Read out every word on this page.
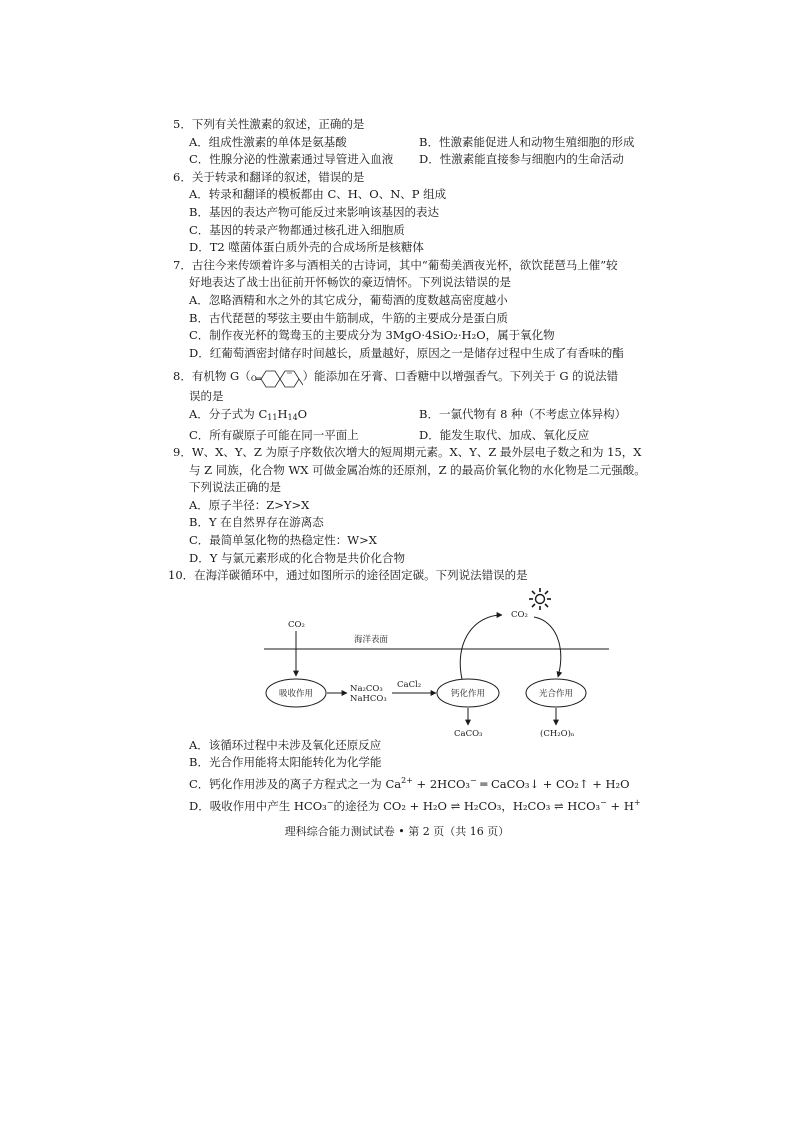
5．下列有关性激素的叙述，正确的是
A．组成性激素的单体是氨基酸	B．性激素能促进人和动物生殖细胞的形成
C．性腺分泌的性激素通过导管进入血液	D．性激素能直接参与细胞内的生命活动
6．关于转录和翻译的叙述，错误的是
A．转录和翻译的模板都由 C、H、O、N、P 组成
B．基因的表达产物可能反过来影响该基因的表达
C．基因的转录产物都通过核孔进入细胞质
D．T2 噬菌体蛋白质外壳的合成场所是核糖体
7．古往今来传颂着许多与酒相关的古诗词，其中“葡萄美酒夜光杯，欲饮琵琶马上催”较
好地表达了战士出征前开怀畅饮的豪迈情怀。下列说法错误的是
A．忽略酒精和水之外的其它成分，葡萄酒的度数越高密度越小
B．古代琵琶的琴弦主要由牛筋制成，牛筋的主要成分是蛋白质
C．制作夜光杯的鸳鸯玉的主要成分为 3MgO·4SiO₂·H₂O，属于氧化物
D．红葡萄酒密封储存时间越长，质量越好，原因之一是储存过程中生成了有香味的酯
8．有机物 G（ O	）能添加在牙膏、口香糖中以增强香气。下列关于 G 的说法错
误的是
A．分子式为 $C_{11}H_{14}O$	B．一氯代物有 8 种（不考虑立体异构）
C．所有碳原子可能在同一平面上	D．能发生取代、加成、氧化反应
9．W、X、Y、Z 为原子序数依次增大的短周期元素。X、Y、Z 最外层电子数之和为 15，X
与 Z 同族，化合物 WX 可做金属冶炼的还原剂，Z 的最高价氧化物的水化物是二元强酸。
下列说法正确的是
A．原子半径：Z>Y>X
B．Y 在自然界存在游离态
C．最简单氢化物的热稳定性：W>X
D．Y 与氯元素形成的化合物是共价化合物
10．在海洋碳循环中，通过如图所示的途径固定碳。下列说法错误的是
海洋表面
CO₂
吸收作用	Na₂CO₃
NaHCO₃
CaCl₂
钙化作用
CaCO₃
CO₂
光合作用
(CH₂O)ₙ
A．该循环过程中未涉及氧化还原反应
B．光合作用能将太阳能转化为化学能
C．钙化作用涉及的离子方程式之一为 $Ca^{2+} + 2HCO_3^-$ ═ CaCO₃↓ + CO₂↑ + H₂O
D．吸收作用中产生 HCO₃−的途径为 CO₂ + H₂O ⇌ H₂CO₃，H₂CO₃ ⇌ HCO₃− + H+
理科综合能力测试试卷 • 第 2 页（共 16 页）
